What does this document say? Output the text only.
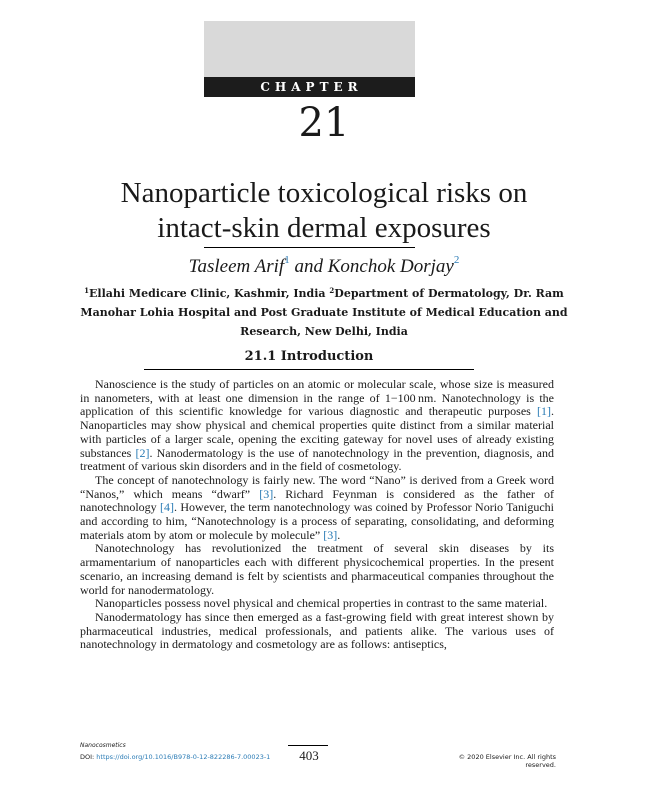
CHAPTER
21
Nanoparticle toxicological risks on
intact-skin dermal exposures
Tasleem Arif$^1$ and Konchok Dorjay$^2$
$^1$Ellahi Medicare Clinic, Kashmir, India $^2$Department of Dermatology, Dr. Ram Manohar Lohia Hospital and Post Graduate Institute of Medical Education and Research, New Delhi, India
21.1 Introduction

Nanoscience is the study of particles on an atomic or molecular scale, whose size is measured in nanometers, with at least one dimension in the range of 1−100 nm. Nanotechnology is the application of this scientific knowledge for various diagnostic and therapeutic purposes [1]. Nanoparticles may show physical and chemical properties quite distinct from a similar material with particles of a larger scale, opening the exciting gateway for novel uses of already existing substances [2]. Nanodermatology is the use of nanotechnology in the prevention, diagnosis, and treatment of various skin disorders and in the field of cosmetology.

The concept of nanotechnology is fairly new. The word “Nano” is derived from a Greek word “Nanos,” which means “dwarf” [3]. Richard Feynman is considered as the father of nanotechnology [4]. However, the term nanotechnology was coined by Professor Norio Taniguchi and according to him, “Nanotechnology is a process of separating, consolidating, and deforming materials atom by atom or molecule by molecule” [3].

Nanotechnology has revolutionized the treatment of several skin diseases by its armamentarium of nanoparticles each with different physicochemical properties. In the present scenario, an increasing demand is felt by scientists and pharmaceutical companies throughout the world for nanodermatology.

Nanoparticles possess novel physical and chemical properties in contrast to the same material.

Nanodermatology has since then emerged as a fast-growing field with great interest shown by pharmaceutical industries, medical professionals, and patients alike. The various uses of nanotechnology in dermatology and cosmetology are as follows: antiseptics,

Nanocosmetics
DOI: https://doi.org/10.1016/B978-0-12-822286-7.00023-1	403	© 2020 Elsevier Inc. All rights reserved.
